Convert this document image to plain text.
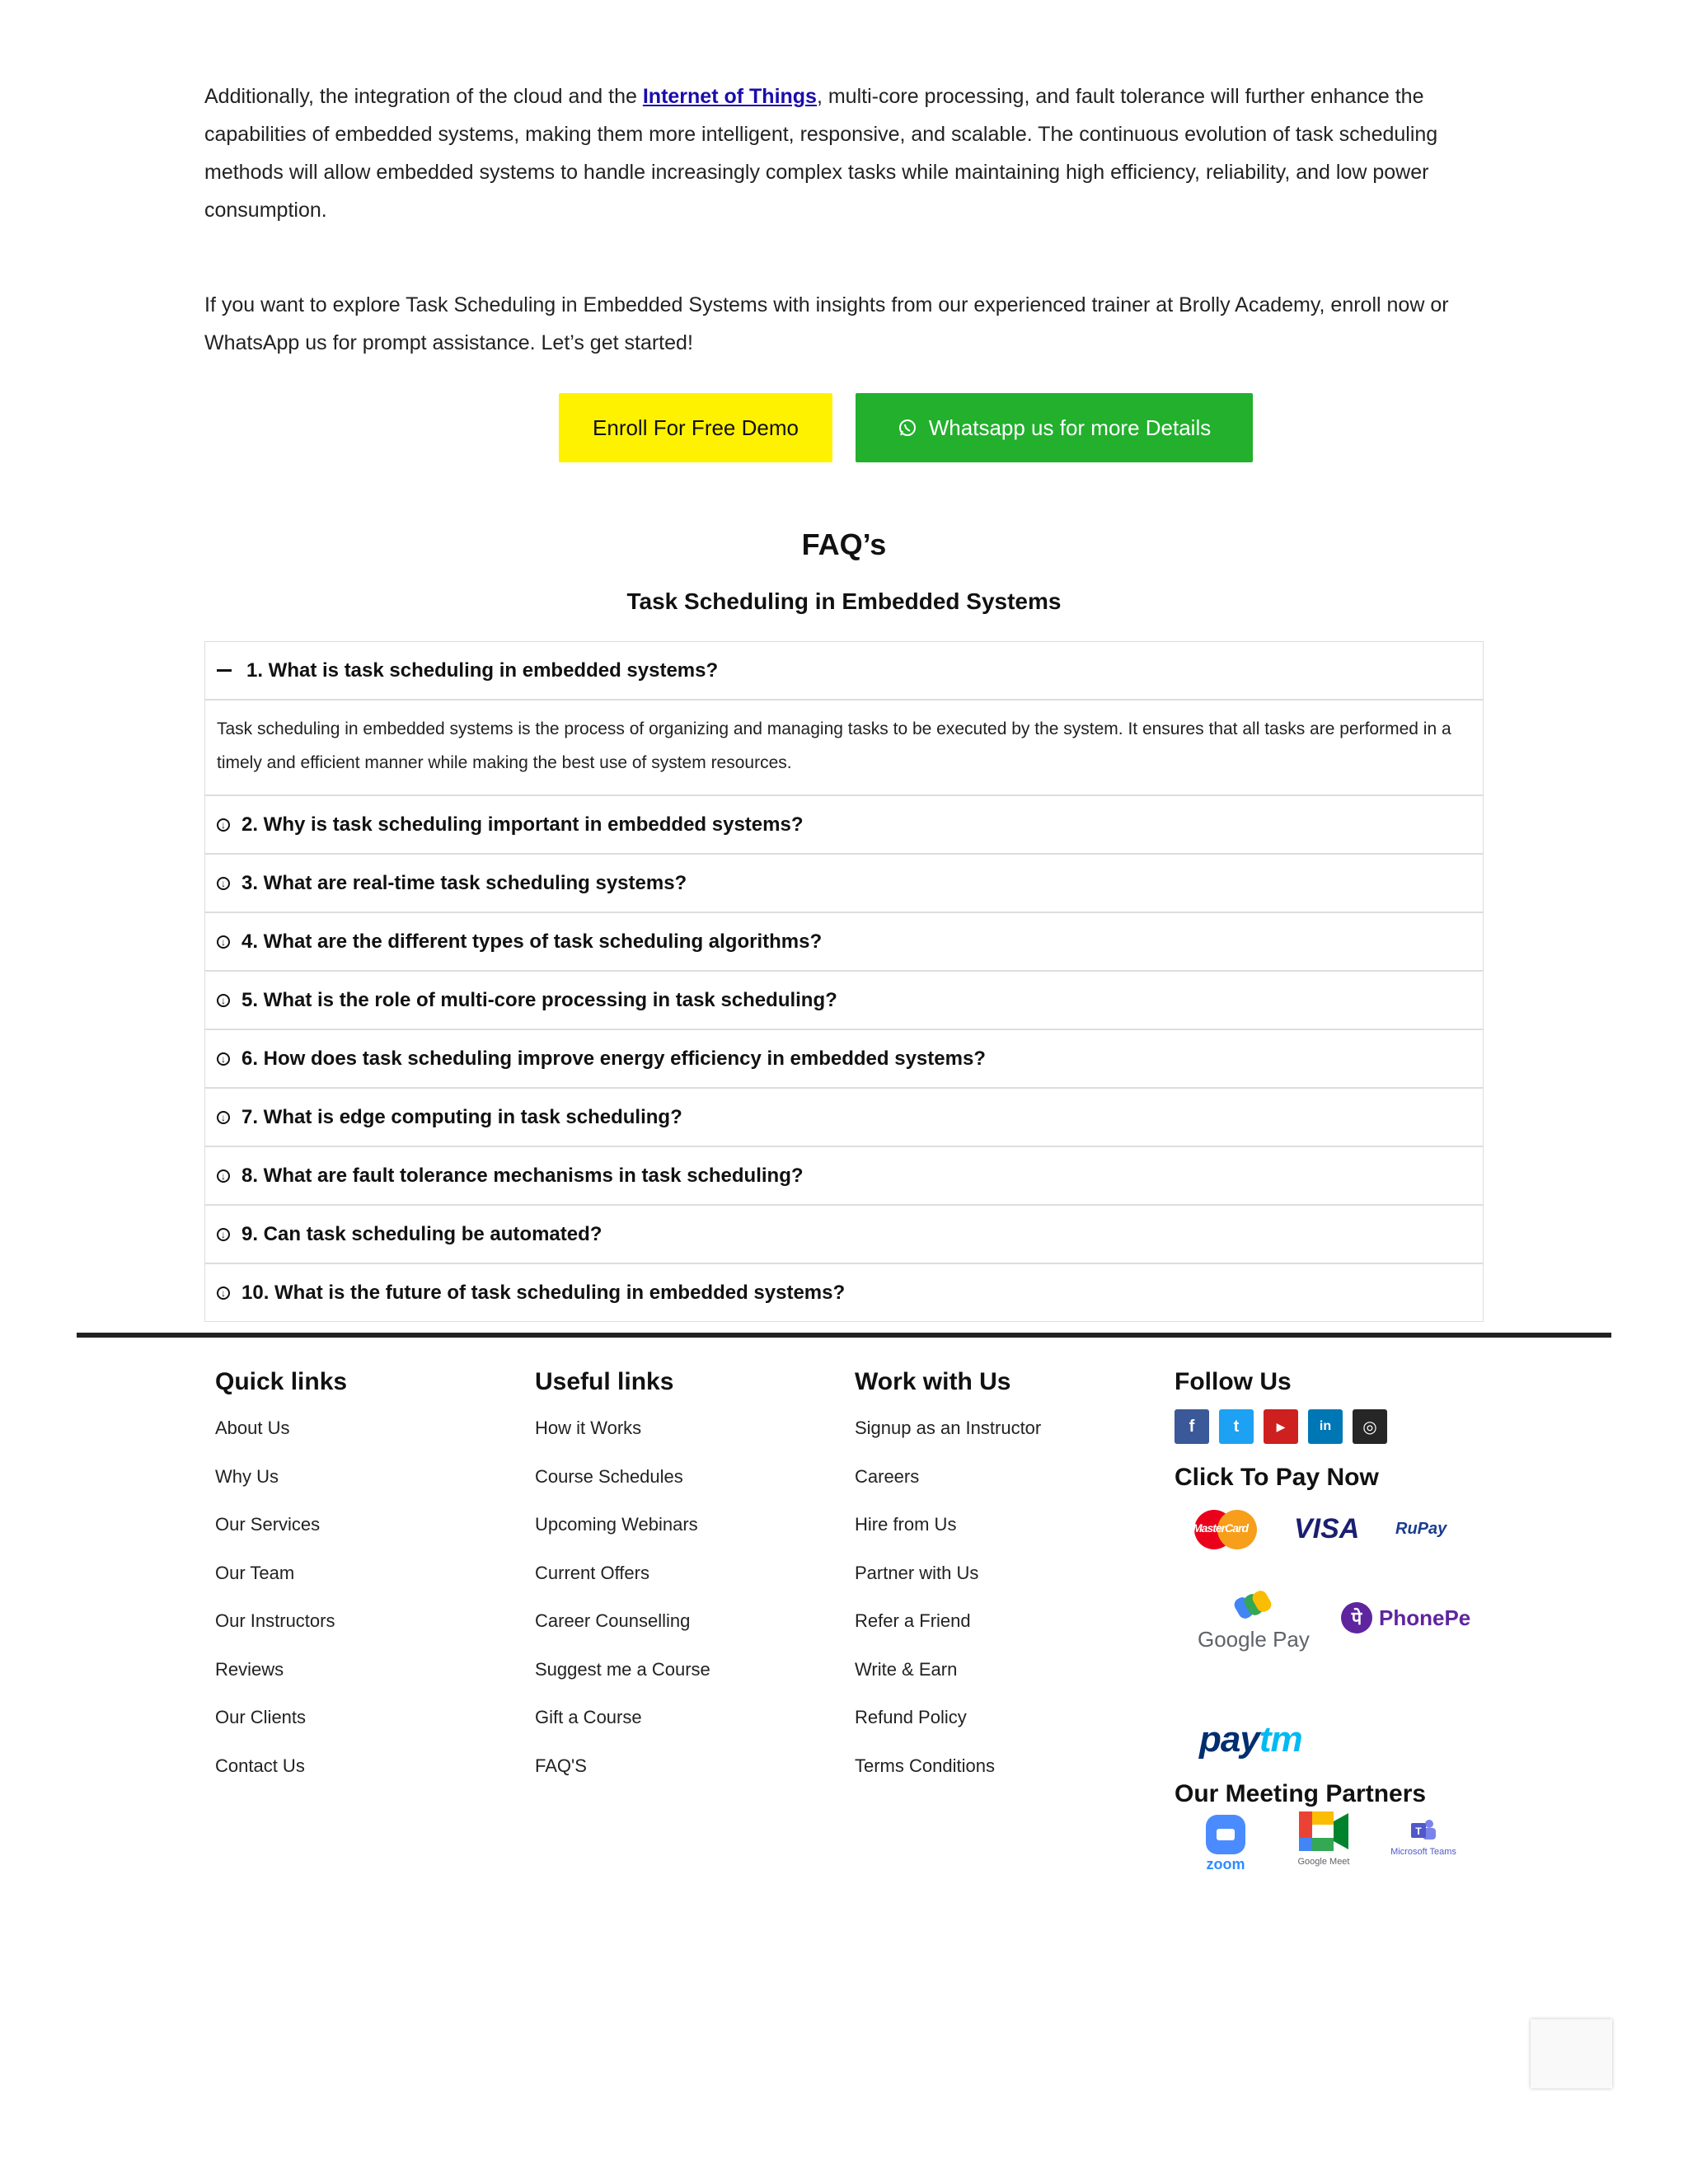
Additionally, the integration of the cloud and the Internet of Things, multi-core processing, and fault tolerance will further enhance the capabilities of embedded systems, making them more intelligent, responsive, and scalable. The continuous evolution of task scheduling methods will allow embedded systems to handle increasingly complex tasks while maintaining high efficiency, reliability, and low power consumption.

If you want to explore Task Scheduling in Embedded Systems with insights from our experienced trainer at Brolly Academy, enroll now or WhatsApp us for prompt assistance. Let’s get started!

Enroll For Free Demo	Whatsapp us for more Details
FAQ’s
Task Scheduling in Embedded Systems
1. What is task scheduling in embedded systems?
Task scheduling in embedded systems is the process of organizing and managing tasks to be executed by the system. It ensures that all tasks are performed in a timely and efficient manner while making the best use of system resources.
↓ 2. Why is task scheduling important in embedded systems?
↓ 3. What are real-time task scheduling systems?
↓ 4. What are the different types of task scheduling algorithms?
↓ 5. What is the role of multi-core processing in task scheduling?
↓ 6. How does task scheduling improve energy efficiency in embedded systems?
↓ 7. What is edge computing in task scheduling?
↓ 8. What are fault tolerance mechanisms in task scheduling?
↓ 9. Can task scheduling be automated?
↓ 10. What is the future of task scheduling in embedded systems?
Quick links
About Us
Why Us
Our Services
Our Team
Our Instructors
Reviews
Our Clients
Contact Us
Useful links
How it Works
Course Schedules
Upcoming Webinars
Current Offers
Career Counselling
Suggest me a Course
Gift a Course
FAQ'S
Work with Us
Signup as an Instructor
Careers
Hire from Us
Partner with Us
Refer a Friend
Write & Earn
Refund Policy
Terms Conditions
Follow Us
f	t	▶	in	◎
Click To Pay Now
MasterCard VISA RuPay
Google Pay
पे PhonePe
paytm
Our Meeting Partners
zoom	Google Meet
T
Microsoft Teams
